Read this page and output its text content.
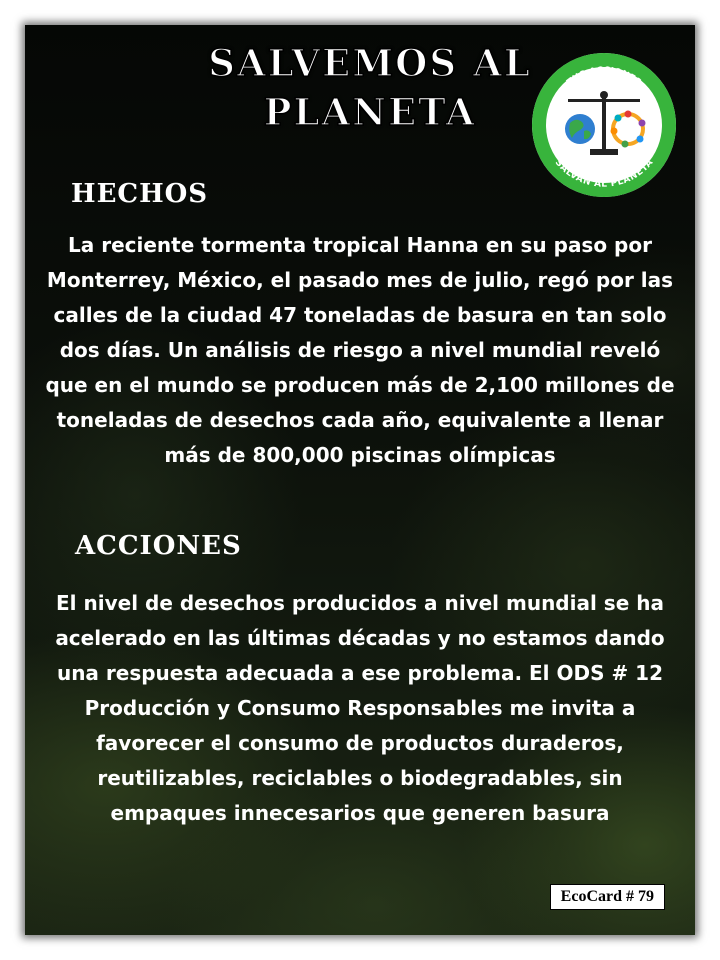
SALVEMOS AL PLANETA
TUS ACCIONES
SALVAN AL PLANETA
HECHOS
La reciente tormenta tropical Hanna en su paso por Monterrey, México, el pasado mes de julio, regó por las calles de la ciudad 47 toneladas de basura en tan solo dos días. Un análisis de riesgo a nivel mundial reveló que en el mundo se producen más de 2,100 millones de toneladas de desechos cada año, equivalente a llenar más de 800,000 piscinas olímpicas
ACCIONES
El nivel de desechos producidos a nivel mundial se ha acelerado en las últimas décadas y no estamos dando una respuesta adecuada a ese problema. El ODS # 12 Producción y Consumo Responsables me invita a favorecer el consumo de productos duraderos, reutilizables, reciclables o biodegradables, sin empaques innecesarios que generen basura
EcoCard # 79
